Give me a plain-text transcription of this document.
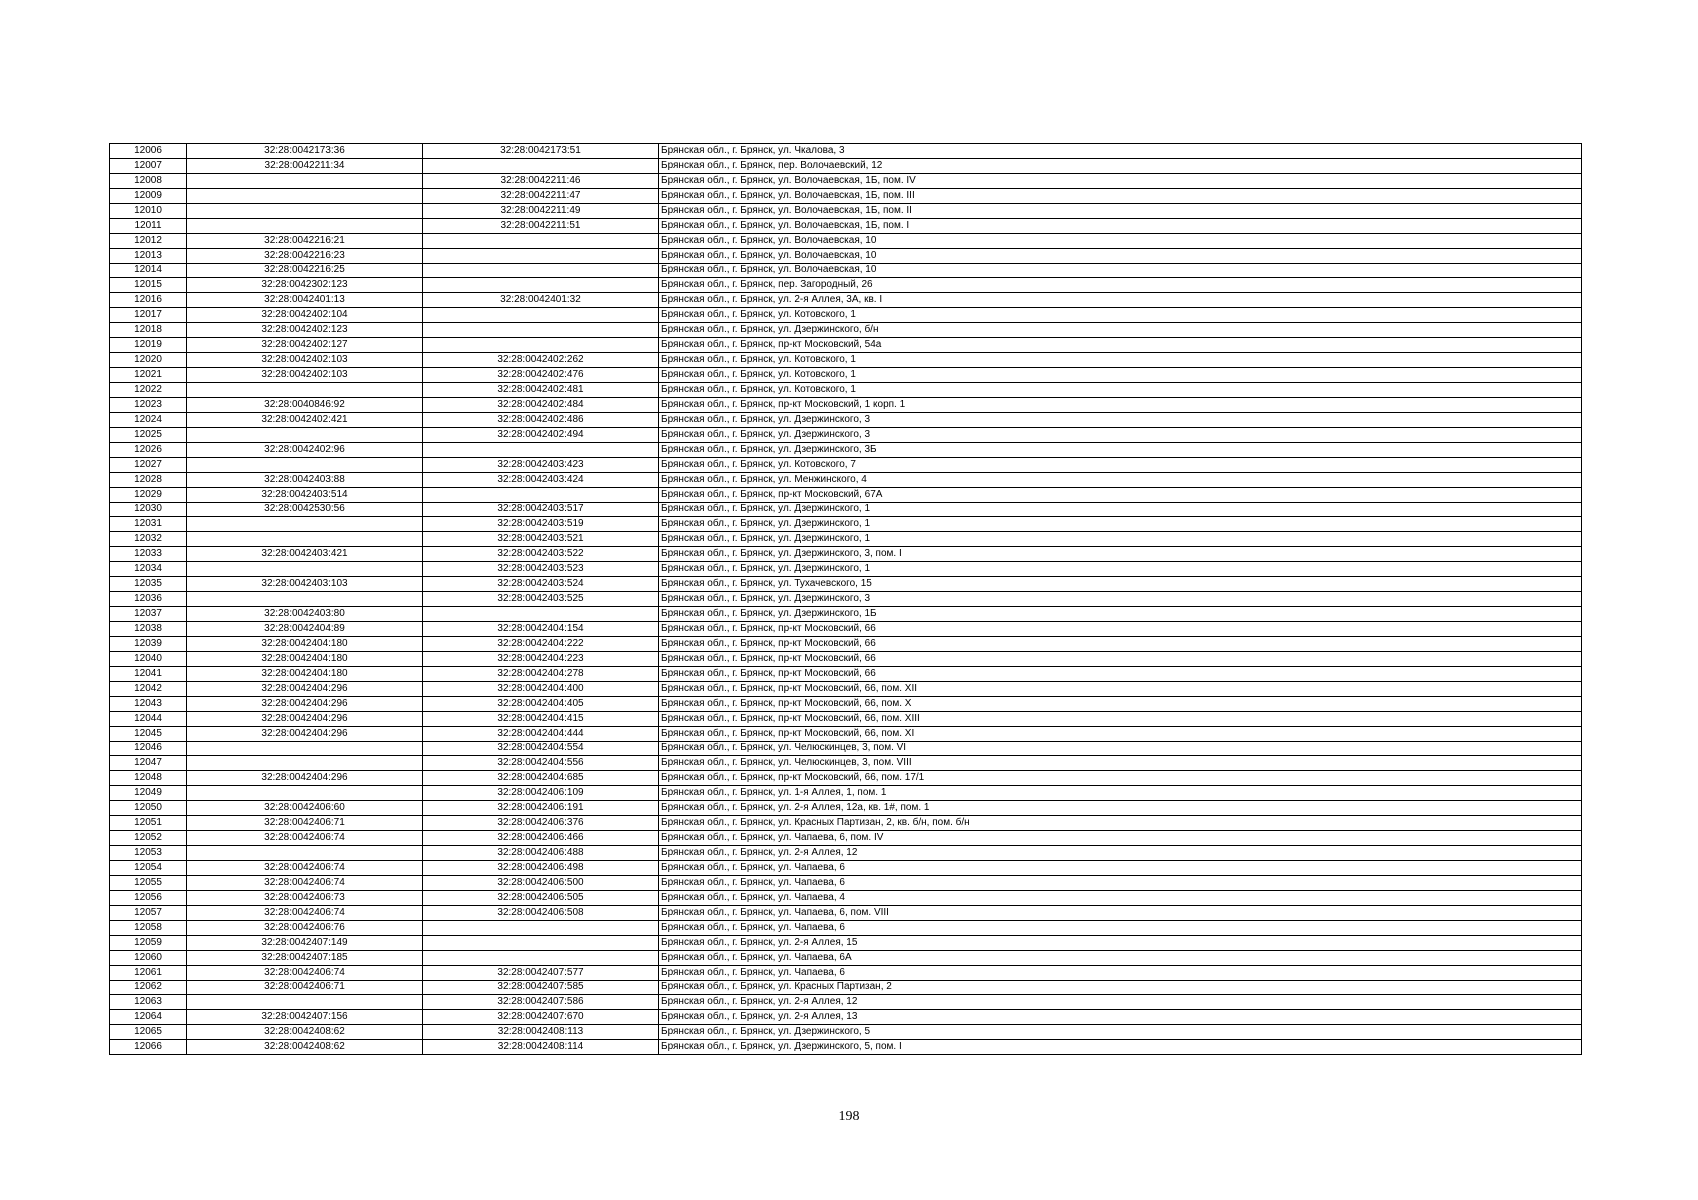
12006	32:28:0042173:36	32:28:0042173:51	Брянская обл., г. Брянск, ул. Чкалова, 3
12007	32:28:0042211:34		Брянская обл., г. Брянск, пер. Волочаевский, 12
12008		32:28:0042211:46	Брянская обл., г. Брянск, ул. Волочаевская, 1Б, пом. IV
12009		32:28:0042211:47	Брянская обл., г. Брянск, ул. Волочаевская, 1Б, пом. III
12010		32:28:0042211:49	Брянская обл., г. Брянск, ул. Волочаевская, 1Б, пом. II
12011		32:28:0042211:51	Брянская обл., г. Брянск, ул. Волочаевская, 1Б, пом. I
12012	32:28:0042216:21		Брянская обл., г. Брянск, ул. Волочаевская, 10
12013	32:28:0042216:23		Брянская обл., г. Брянск, ул. Волочаевская, 10
12014	32:28:0042216:25		Брянская обл., г. Брянск, ул. Волочаевская, 10
12015	32:28:0042302:123		Брянская обл., г. Брянск, пер. Загородный, 26
12016	32:28:0042401:13	32:28:0042401:32	Брянская обл., г. Брянск, ул. 2-я Аллея, 3А, кв. I
12017	32:28:0042402:104		Брянская обл., г. Брянск, ул. Котовского, 1
12018	32:28:0042402:123		Брянская обл., г. Брянск, ул. Дзержинского, б/н
12019	32:28:0042402:127		Брянская обл., г. Брянск, пр-кт Московский, 54а
12020	32:28:0042402:103	32:28:0042402:262	Брянская обл., г. Брянск, ул. Котовского, 1
12021	32:28:0042402:103	32:28:0042402:476	Брянская обл., г. Брянск, ул. Котовского, 1
12022		32:28:0042402:481	Брянская обл., г. Брянск, ул. Котовского, 1
12023	32:28:0040846:92	32:28:0042402:484	Брянская обл., г. Брянск, пр-кт Московский, 1 корп. 1
12024	32:28:0042402:421	32:28:0042402:486	Брянская обл., г. Брянск, ул. Дзержинского, 3
12025		32:28:0042402:494	Брянская обл., г. Брянск, ул. Дзержинского, 3
12026	32:28:0042402:96		Брянская обл., г. Брянск, ул. Дзержинского, 3Б
12027		32:28:0042403:423	Брянская обл., г. Брянск, ул. Котовского, 7
12028	32:28:0042403:88	32:28:0042403:424	Брянская обл., г. Брянск, ул. Менжинского, 4
12029	32:28:0042403:514		Брянская обл., г. Брянск, пр-кт Московский, 67А
12030	32:28:0042530:56	32:28:0042403:517	Брянская обл., г. Брянск, ул. Дзержинского, 1
12031		32:28:0042403:519	Брянская обл., г. Брянск, ул. Дзержинского, 1
12032		32:28:0042403:521	Брянская обл., г. Брянск, ул. Дзержинского, 1
12033	32:28:0042403:421	32:28:0042403:522	Брянская обл., г. Брянск, ул. Дзержинского, 3, пом. I
12034		32:28:0042403:523	Брянская обл., г. Брянск, ул. Дзержинского, 1
12035	32:28:0042403:103	32:28:0042403:524	Брянская обл., г. Брянск, ул. Тухачевского, 15
12036		32:28:0042403:525	Брянская обл., г. Брянск, ул. Дзержинского, 3
12037	32:28:0042403:80		Брянская обл., г. Брянск, ул. Дзержинского, 1Б
12038	32:28:0042404:89	32:28:0042404:154	Брянская обл., г. Брянск, пр-кт Московский, 66
12039	32:28:0042404:180	32:28:0042404:222	Брянская обл., г. Брянск, пр-кт Московский, 66
12040	32:28:0042404:180	32:28:0042404:223	Брянская обл., г. Брянск, пр-кт Московский, 66
12041	32:28:0042404:180	32:28:0042404:278	Брянская обл., г. Брянск, пр-кт Московский, 66
12042	32:28:0042404:296	32:28:0042404:400	Брянская обл., г. Брянск, пр-кт Московский, 66, пом. XII
12043	32:28:0042404:296	32:28:0042404:405	Брянская обл., г. Брянск, пр-кт Московский, 66, пом. X
12044	32:28:0042404:296	32:28:0042404:415	Брянская обл., г. Брянск, пр-кт Московский, 66, пом. XIII
12045	32:28:0042404:296	32:28:0042404:444	Брянская обл., г. Брянск, пр-кт Московский, 66, пом. XI
12046		32:28:0042404:554	Брянская обл., г. Брянск, ул. Челюскинцев, 3, пом. VI
12047		32:28:0042404:556	Брянская обл., г. Брянск, ул. Челюскинцев, 3, пом. VIII
12048	32:28:0042404:296	32:28:0042404:685	Брянская обл., г. Брянск, пр-кт Московский, 66, пом. 17/1
12049		32:28:0042406:109	Брянская обл., г. Брянск, ул. 1-я Аллея, 1, пом. 1
12050	32:28:0042406:60	32:28:0042406:191	Брянская обл., г. Брянск, ул. 2-я Аллея, 12а, кв. 1#, пом. 1
12051	32:28:0042406:71	32:28:0042406:376	Брянская обл., г. Брянск, ул. Красных Партизан, 2, кв. б/н, пом. б/н
12052	32:28:0042406:74	32:28:0042406:466	Брянская обл., г. Брянск, ул. Чапаева, 6, пом. IV
12053		32:28:0042406:488	Брянская обл., г. Брянск, ул. 2-я Аллея, 12
12054	32:28:0042406:74	32:28:0042406:498	Брянская обл., г. Брянск, ул. Чапаева, 6
12055	32:28:0042406:74	32:28:0042406:500	Брянская обл., г. Брянск, ул. Чапаева, 6
12056	32:28:0042406:73	32:28:0042406:505	Брянская обл., г. Брянск, ул. Чапаева, 4
12057	32:28:0042406:74	32:28:0042406:508	Брянская обл., г. Брянск, ул. Чапаева, 6, пом. VIII
12058	32:28:0042406:76		Брянская обл., г. Брянск, ул. Чапаева, 6
12059	32:28:0042407:149		Брянская обл., г. Брянск, ул. 2-я Аллея, 15
12060	32:28:0042407:185		Брянская обл., г. Брянск, ул. Чапаева, 6А
12061	32:28:0042406:74	32:28:0042407:577	Брянская обл., г. Брянск, ул. Чапаева, 6
12062	32:28:0042406:71	32:28:0042407:585	Брянская обл., г. Брянск, ул. Красных Партизан, 2
12063		32:28:0042407:586	Брянская обл., г. Брянск, ул. 2-я Аллея, 12
12064	32:28:0042407:156	32:28:0042407:670	Брянская обл., г. Брянск, ул. 2-я Аллея, 13
12065	32:28:0042408:62	32:28:0042408:113	Брянская обл., г. Брянск, ул. Дзержинского, 5
12066	32:28:0042408:62	32:28:0042408:114	Брянская обл., г. Брянск, ул. Дзержинского, 5, пом. I
198
